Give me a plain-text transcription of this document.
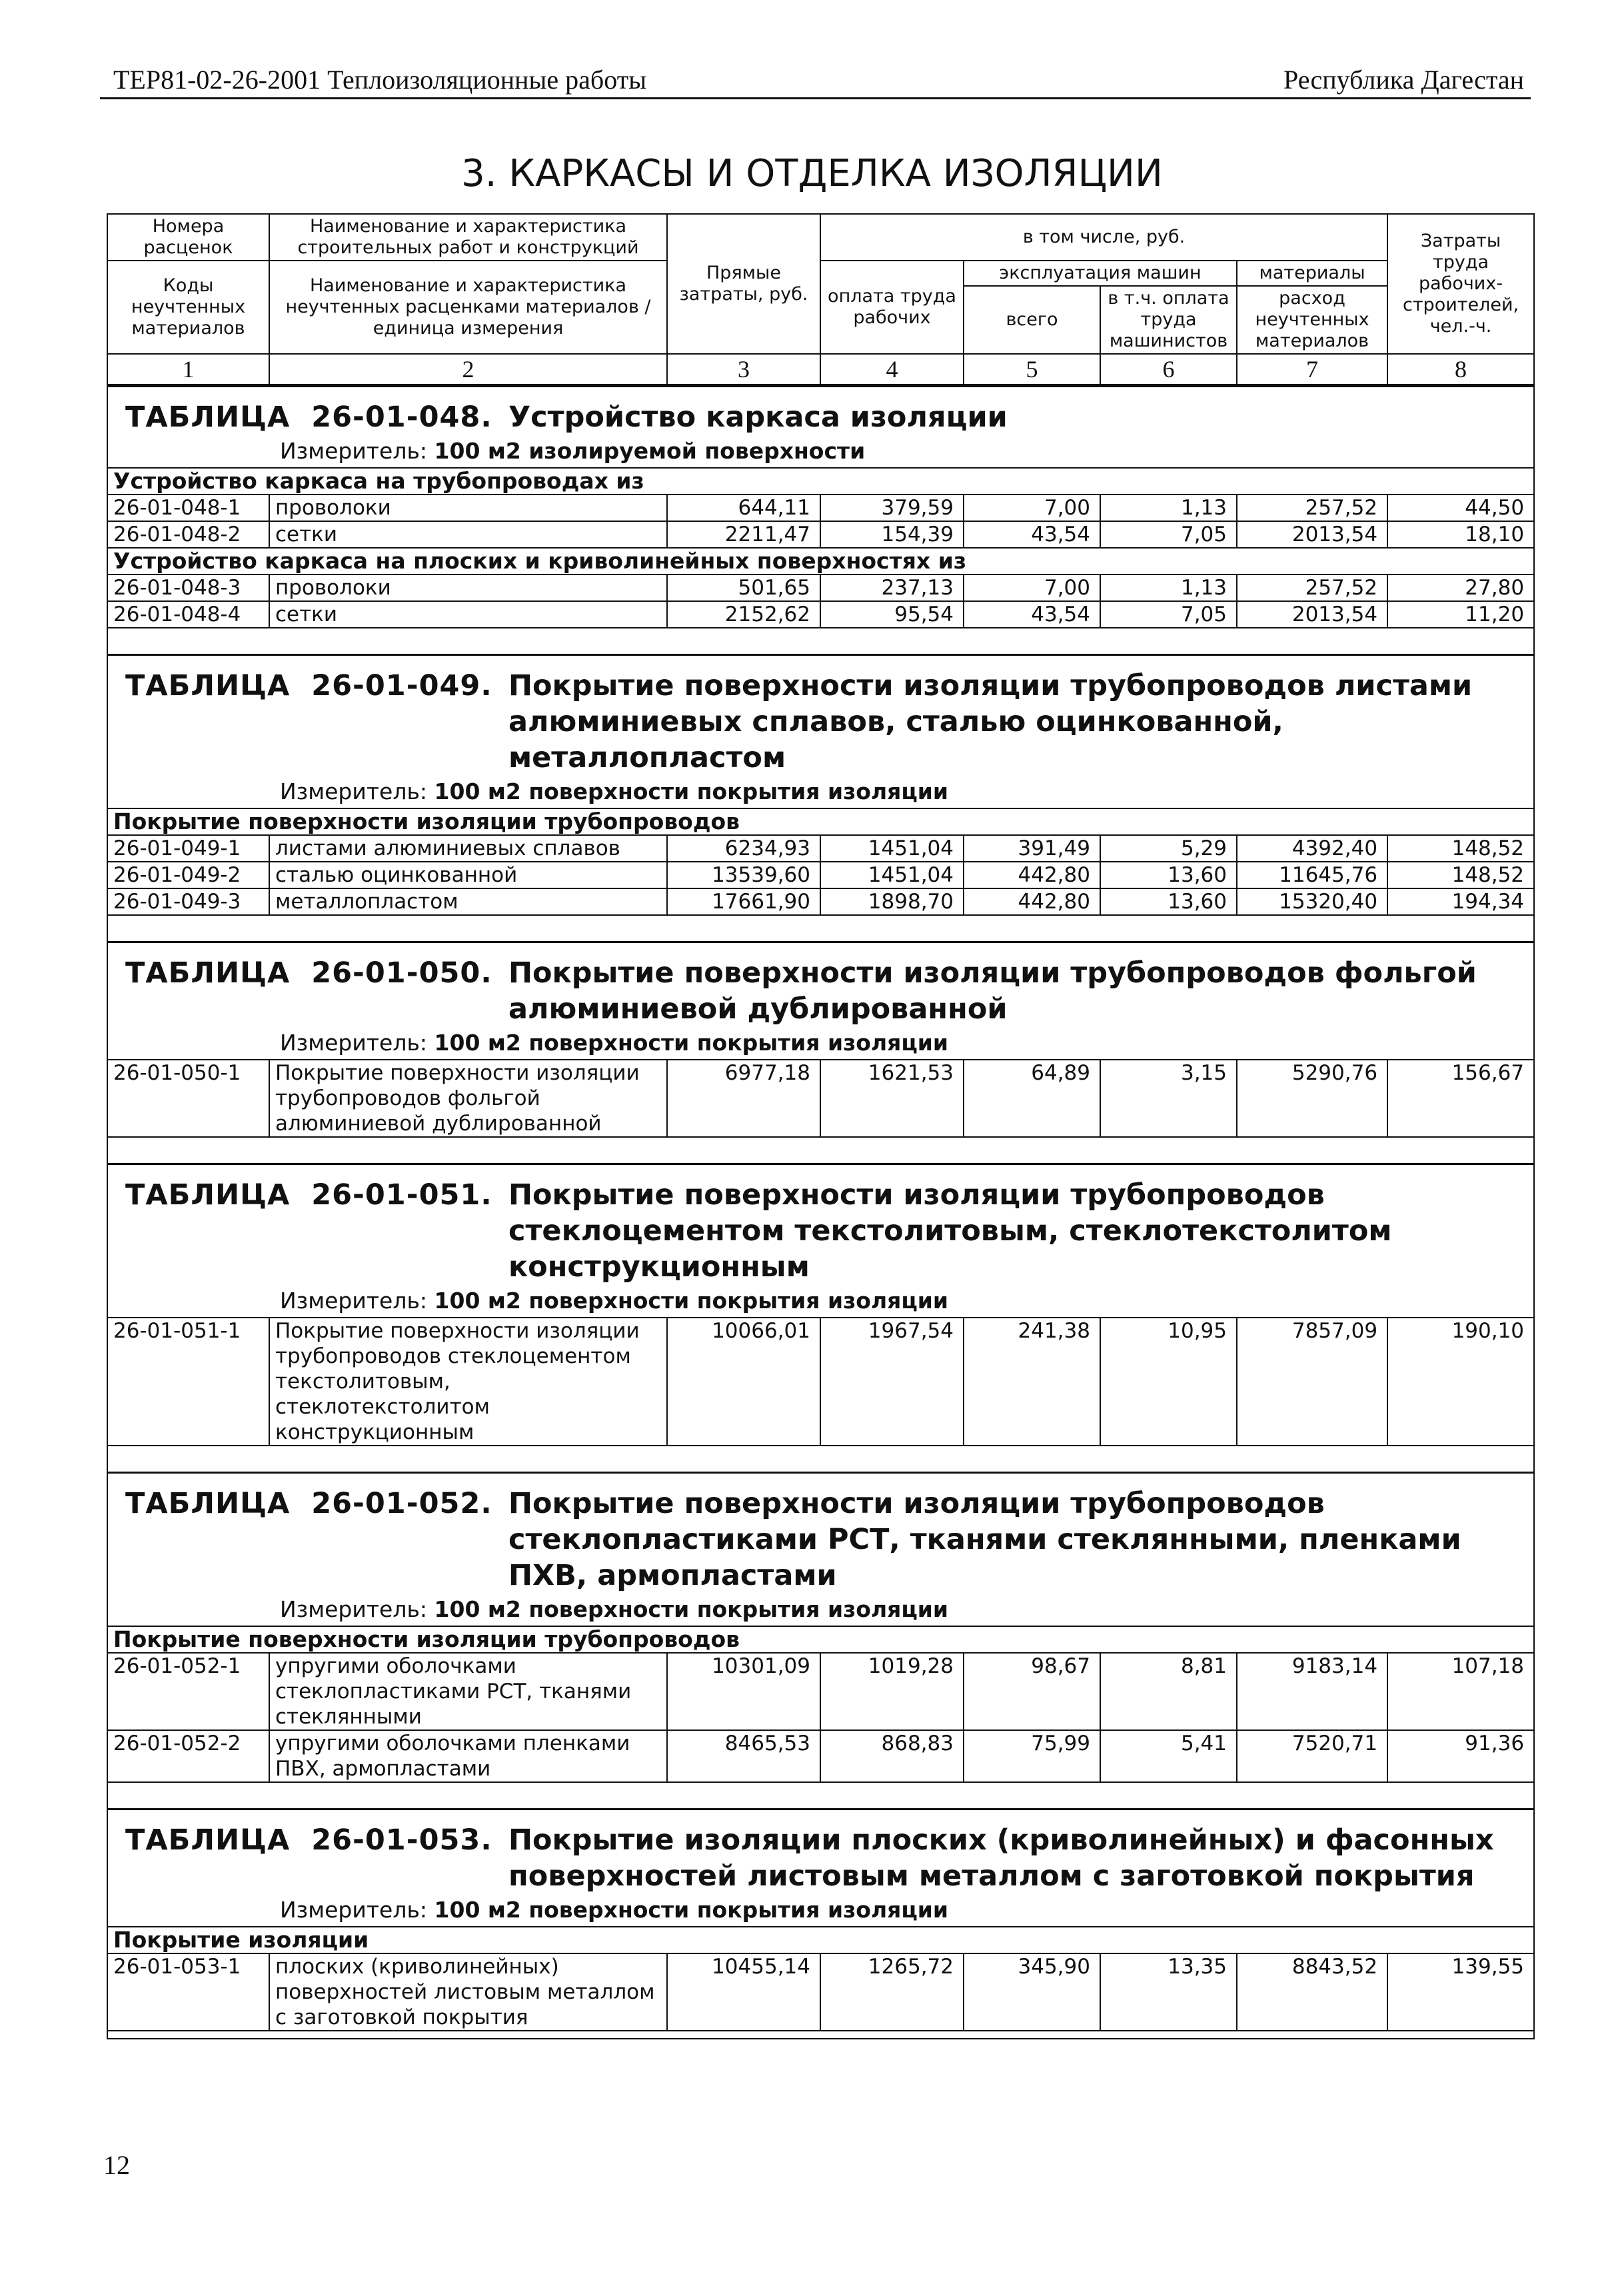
ТЕР81-02-26-2001 Теплоизоляционные работы	Республика Дагестан
3. КАРКАСЫ И ОТДЕЛКА ИЗОЛЯЦИИ
Номера расценок	Наименование и характеристика строительных работ и конструкций	Прямые затраты, руб.	в том числе, руб.				Затраты труда рабочих-строителей, чел.-ч.
Коды неучтенных материалов	Наименование и характеристика неучтенных расценками материалов / единица измерения		оплата труда рабочих	эксплуатация машин		материалы	
				всего	в т.ч. оплата труда машинистов	расход неучтенных материалов	

1	2	3	4	5	6	7	8

ТАБЛИЦА  26-01-048. Устройство каркаса изоляции
Измеритель: 100 м2 изолируемой поверхности							

Устройство каркаса на трубопроводах из							
26-01-048-1	проволоки	644,11	379,59	7,00	1,13	257,52	44,50
26-01-048-2	сетки	2211,47	154,39	43,54	7,05	2013,54	18,10
Устройство каркаса на плоских и криволинейных поверхностях из							
26-01-048-3	проволоки	501,65	237,13	7,00	1,13	257,52	27,80
26-01-048-4	сетки	2152,62	95,54	43,54	7,05	2013,54	11,20

ТАБЛИЦА  26-01-049. Покрытие поверхности изоляции трубопроводов листами алюминиевых сплавов, сталью оцинкованной, металлопластом
Измеритель: 100 м2 поверхности покрытия изоляции							

Покрытие поверхности изоляции трубопроводов							
26-01-049-1	листами алюминиевых сплавов	6234,93	1451,04	391,49	5,29	4392,40	148,52
26-01-049-2	сталью оцинкованной	13539,60	1451,04	442,80	13,60	11645,76	148,52
26-01-049-3	металлопластом	17661,90	1898,70	442,80	13,60	15320,40	194,34

ТАБЛИЦА  26-01-050. Покрытие поверхности изоляции трубопроводов фольгой алюминиевой дублированной
Измеритель: 100 м2 поверхности покрытия изоляции							

26-01-050-1	Покрытие поверхности изоляции трубопроводов фольгой алюминиевой дублированной	6977,18	1621,53	64,89	3,15	5290,76	156,67

ТАБЛИЦА  26-01-051. Покрытие поверхности изоляции трубопроводов стеклоцементом текстолитовым, стеклотекстолитом конструкционным
Измеритель: 100 м2 поверхности покрытия изоляции							

26-01-051-1	Покрытие поверхности изоляции трубопроводов стеклоцементом текстолитовым, стеклотекстолитом конструкционным	10066,01	1967,54	241,38	10,95	7857,09	190,10

ТАБЛИЦА  26-01-052. Покрытие поверхности изоляции трубопроводов стеклопластиками РСТ, тканями стеклянными, пленками ПХВ, армопластами
Измеритель: 100 м2 поверхности покрытия изоляции							

Покрытие поверхности изоляции трубопроводов							
26-01-052-1	упругими оболочками стеклопластиками РСТ, тканями стеклянными	10301,09	1019,28	98,67	8,81	9183,14	107,18
26-01-052-2	упругими оболочками пленками ПВХ, армопластами	8465,53	868,83	75,99	5,41	7520,71	91,36

ТАБЛИЦА  26-01-053. Покрытие изоляции плоских (криволинейных) и фасонных поверхностей листовым металлом с заготовкой покрытия
Измеритель: 100 м2 поверхности покрытия изоляции							

Покрытие изоляции							
26-01-053-1	плоских (криволинейных) поверхностей листовым металлом с заготовкой покрытия	10455,14	1265,72	345,90	13,35	8843,52	139,55

12
